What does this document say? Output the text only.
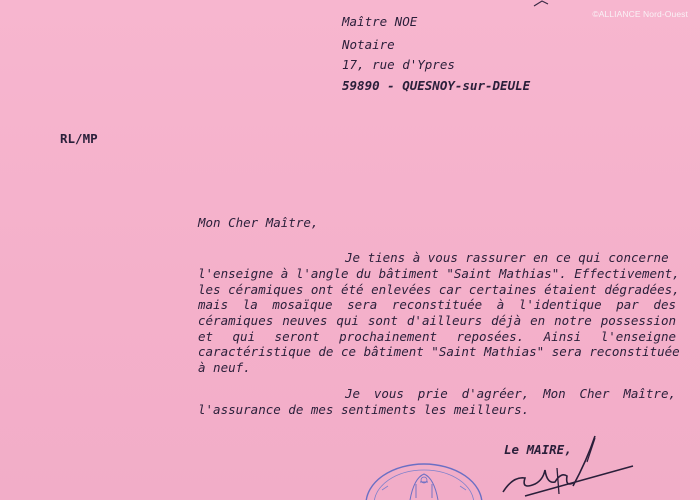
©ALLIANCE Nord-Ouest
Maître NOE
Notaire
17, rue d'Ypres
59890 - QUESNOY-sur-DEULE
RL/MP
Mon Cher Maître,
Je tiens à vous rassurer en ce qui concerne
l'enseigne à l'angle du bâtiment "Saint Mathias". Effectivement,
les céramiques ont été enlevées car certaines étaient dégradées,
mais la mosaïque sera reconstituée à l'identique par des
céramiques neuves qui sont d'ailleurs déjà en notre possession
et qui seront prochainement reposées. Ainsi l'enseigne
caractéristique de ce bâtiment "Saint Mathias" sera reconstituée
à neuf.
Je vous prie d'agréer, Mon Cher Maître,
l'assurance de mes sentiments les meilleurs.
Le MAIRE,
